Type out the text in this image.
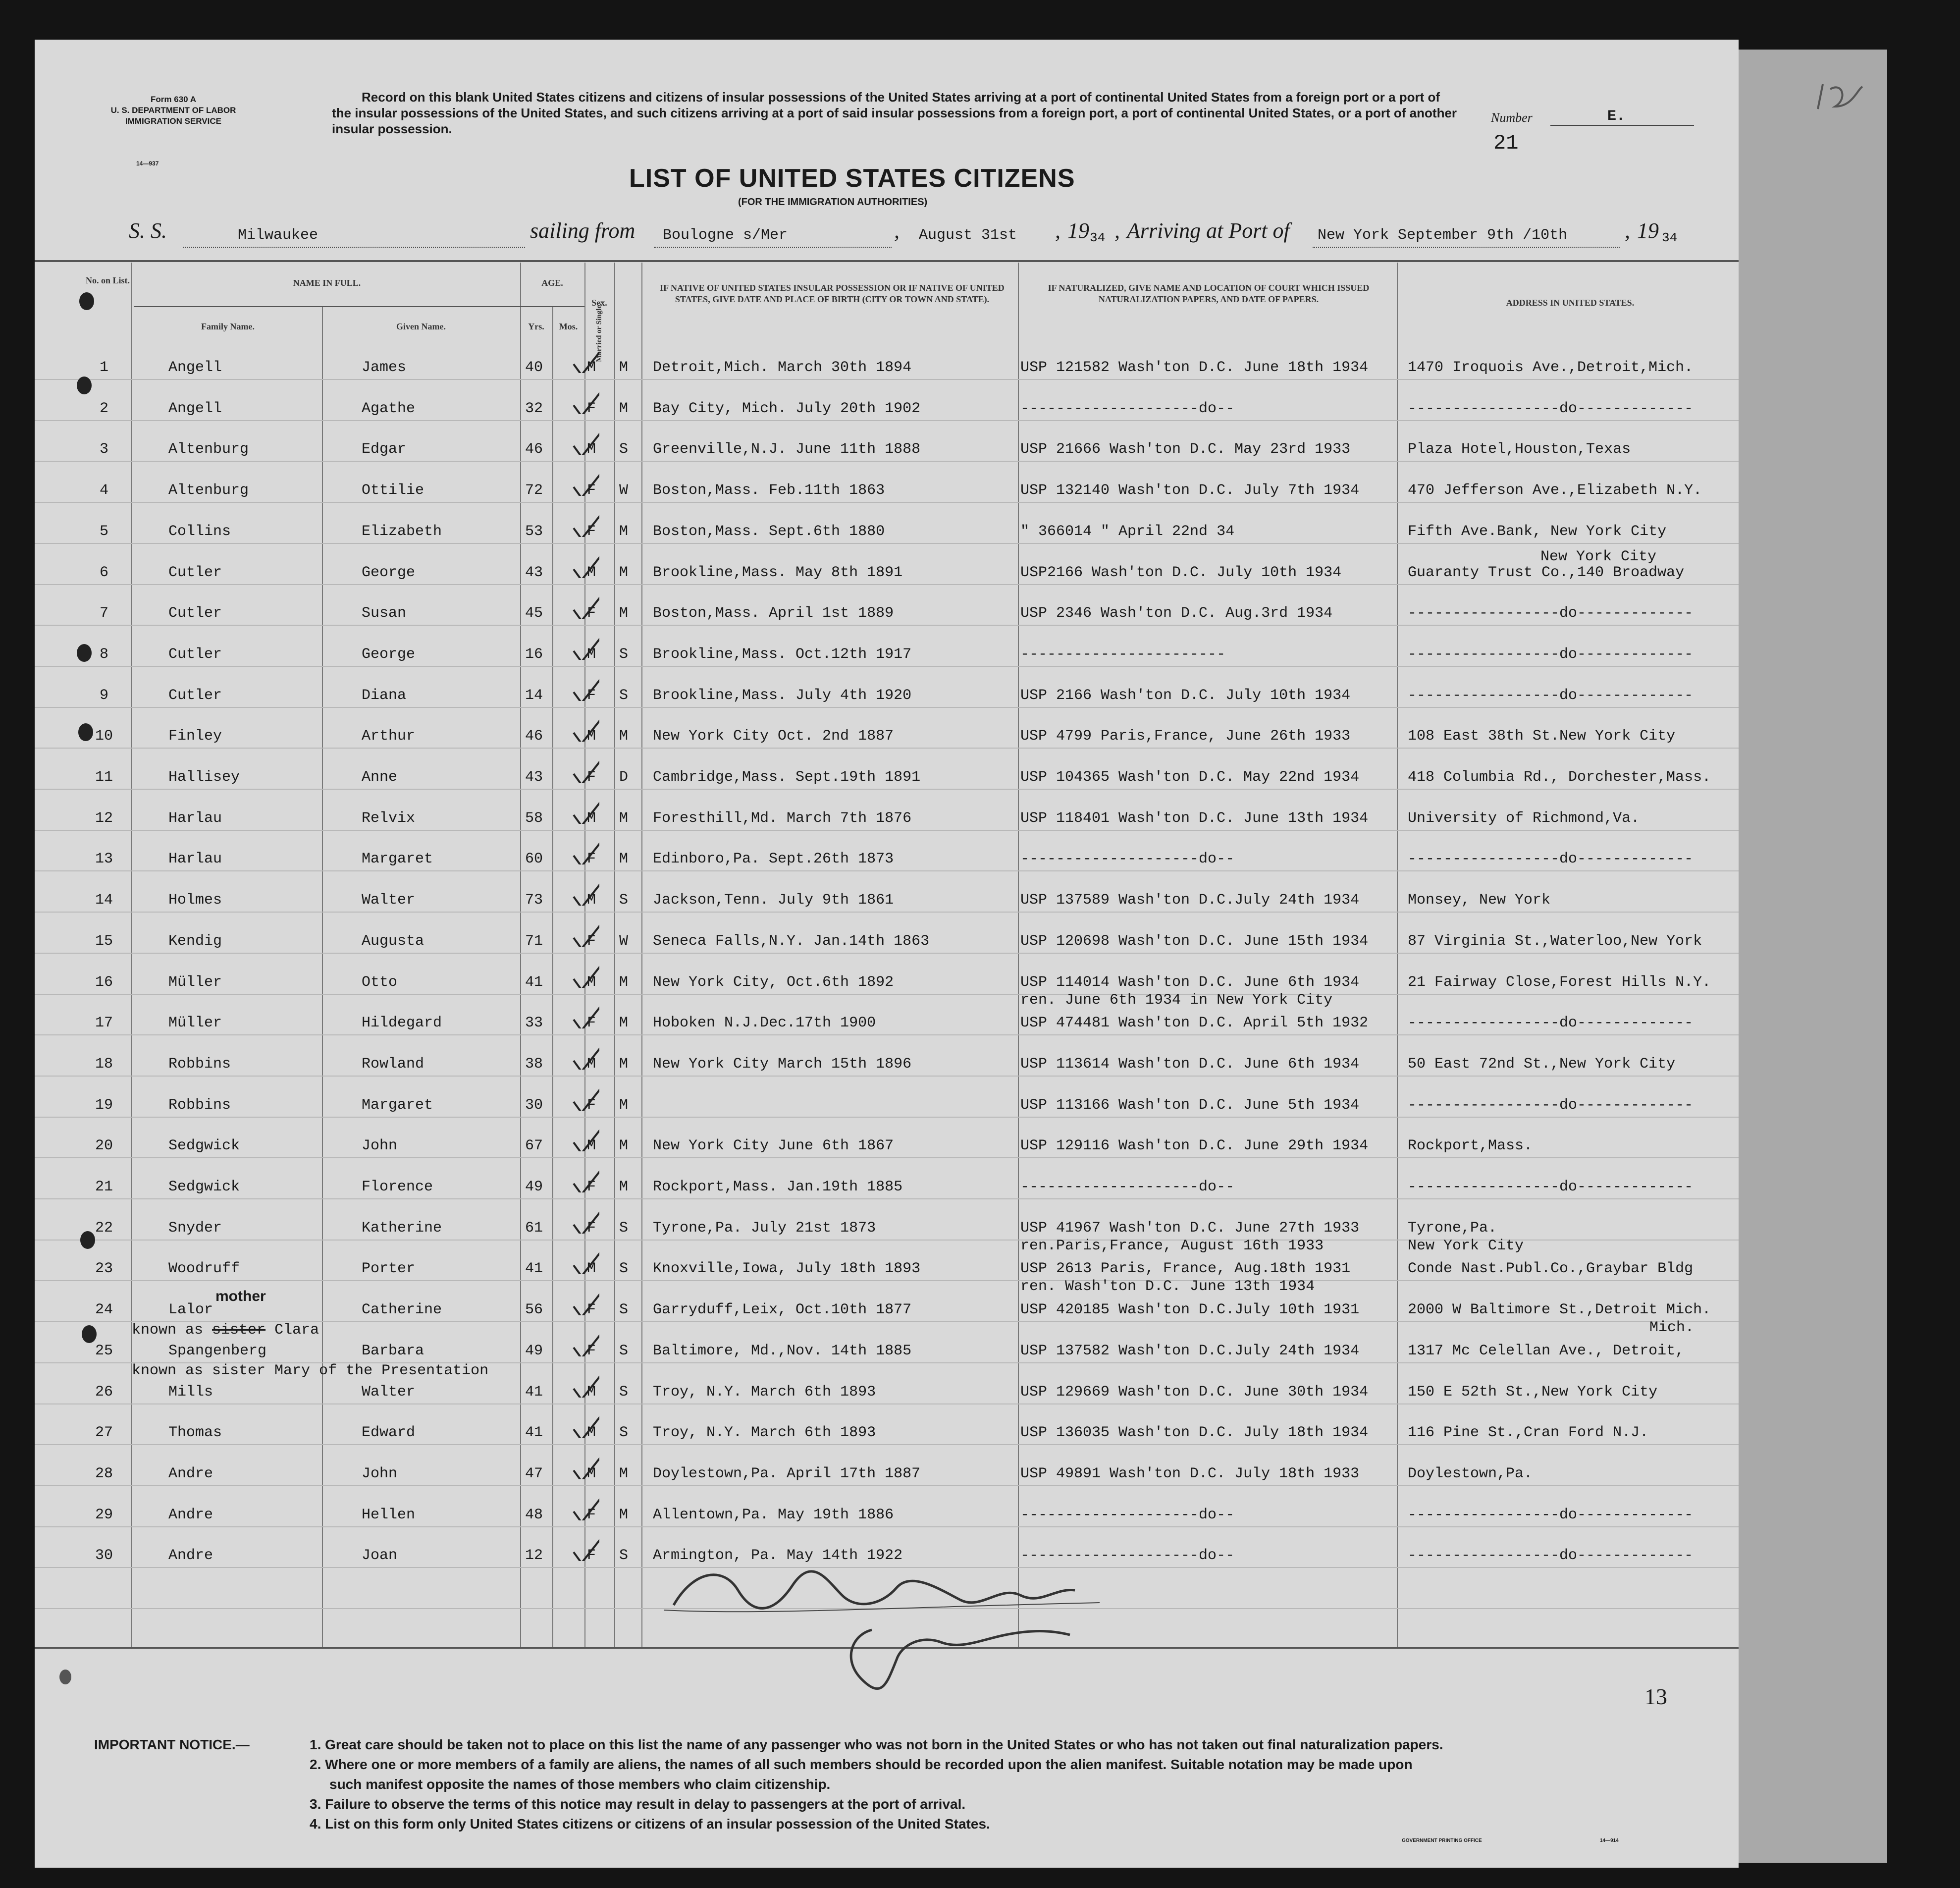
Form 630 A
U. S. DEPARTMENT OF LABOR
IMMIGRATION SERVICE
14—937
Record on this blank United States citizens and citizens of insular possessions of the United States arriving at a port of continental United States from a foreign port or a port of the insular possessions of the United States, and such citizens arriving at a port of said insular possessions from a foreign port, a port of continental United States, or a port of another insular possession.
LIST OF UNITED STATES CITIZENS
(FOR THE IMMIGRATION AUTHORITIES)
Number	E.
21
S. S.	Milwaukee	sailing from Boulogne s/Mer	, August 31st , 19 34 , Arriving at Port of New York September 9th /10th	, 19 34
No. on List.	NAME IN FULL.
Family Name.	Given Name.
AGE.
Yrs.	Mos.
Sex.
Married or Single.
IF NATIVE OF UNITED STATES INSULAR POSSESSION OR IF NATIVE OF UNITED STATES, GIVE DATE AND PLACE OF BIRTH (CITY OR TOWN AND STATE).
IF NATURALIZED, GIVE NAME AND LOCATION OF COURT WHICH ISSUED NATURALIZATION PAPERS, AND DATE OF PAPERS.	ADDRESS IN UNITED STATES.
1	Angell	James	40	M M Detroit,Mich. March 30th 1894	USP 121582 Wash'ton D.C. June 18th 1934	1470 Iroquois Ave.,Detroit,Mich.
2	Angell	Agathe	32	F M Bay City, Mich. July 20th 1902	--------------------do--	-----------------do-------------
3	Altenburg	Edgar	46	M S Greenville,N.J. June 11th 1888	USP 21666 Wash'ton D.C. May 23rd 1933	Plaza Hotel,Houston,Texas
4	Altenburg	Ottilie	72	F W Boston,Mass. Feb.11th 1863	USP 132140 Wash'ton D.C. July 7th 1934	470 Jefferson Ave.,Elizabeth N.Y.
5	Collins	Elizabeth	53	F M Boston,Mass. Sept.6th 1880	" 366014 " April 22nd 34	Fifth Ave.Bank, New York City
6	Cutler	George	43	M M Brookline,Mass. May 8th 1891	USP2166 Wash'ton D.C. July 10th 1934	Guaranty Trust Co.,140 Broadway
New York City
7	Cutler	Susan	45	F M Boston,Mass. April 1st 1889	USP 2346 Wash'ton D.C. Aug.3rd 1934	-----------------do-------------
8	Cutler	George	16	M S Brookline,Mass. Oct.12th 1917	-----------------------	-----------------do-------------
9	Cutler	Diana	14	F S Brookline,Mass. July 4th 1920	USP 2166 Wash'ton D.C. July 10th 1934	-----------------do-------------
10	Finley	Arthur	46	M M New York City Oct. 2nd 1887	USP 4799 Paris,France, June 26th 1933	108 East 38th St.New York City
11	Hallisey	Anne	43	F D Cambridge,Mass. Sept.19th 1891	USP 104365 Wash'ton D.C. May 22nd 1934	418 Columbia Rd., Dorchester,Mass.
12	Harlau	Relvix	58	M M Foresthill,Md. March 7th 1876	USP 118401 Wash'ton D.C. June 13th 1934	University of Richmond,Va.
13	Harlau	Margaret	60	F M Edinboro,Pa. Sept.26th 1873	--------------------do--	-----------------do-------------
14	Holmes	Walter	73	M S Jackson,Tenn. July 9th 1861	USP 137589 Wash'ton D.C.July 24th 1934	Monsey, New York
15	Kendig	Augusta	71	F W Seneca Falls,N.Y. Jan.14th 1863	USP 120698 Wash'ton D.C. June 15th 1934	87 Virginia St.,Waterloo,New York
16	Müller	Otto	41	M M New York City, Oct.6th 1892	USP 114014 Wash'ton D.C. June 6th 1934	21 Fairway Close,Forest Hills N.Y.
ren. June 6th 1934 in New York City
17	Müller	Hildegard	33	F M Hoboken N.J.Dec.17th 1900	USP 474481 Wash'ton D.C. April 5th 1932	-----------------do-------------
18	Robbins	Rowland	38	M M New York City March 15th 1896	USP 113614 Wash'ton D.C. June 6th 1934	50 East 72nd St.,New York City
19	Robbins	Margaret	30	F M	USP 113166 Wash'ton D.C. June 5th 1934	-----------------do-------------
20	Sedgwick	John	67	M M New York City June 6th 1867	USP 129116 Wash'ton D.C. June 29th 1934	Rockport,Mass.
21	Sedgwick	Florence	49	F M Rockport,Mass. Jan.19th 1885	--------------------do--	-----------------do-------------
22	Snyder	Katherine	61	F S Tyrone,Pa. July 21st 1873	USP 41967 Wash'ton D.C. June 27th 1933	Tyrone,Pa.
ren.Paris,France, August 16th 1933	New York City
23	Woodruff	Porter	41	M S Knoxville,Iowa, July 18th 1893	USP 2613 Paris, France, Aug.18th 1931	Conde Nast.Publ.Co.,Graybar Bldg
ren. Wash'ton D.C. June 13th 1934
24	Lalor	Catherine	56	F S Garryduff,Leix, Oct.10th 1877	USP 420185 Wash'ton D.C.July 10th 1931	2000 W Baltimore St.,Detroit Mich.
Mich.
25	Spangenberg	Barbara	49	F S Baltimore, Md.,Nov. 14th 1885	USP 137582 Wash'ton D.C.July 24th 1934	1317 Mc Celellan Ave., Detroit,
26	Mills	Walter	41	M S Troy, N.Y. March 6th 1893	USP 129669 Wash'ton D.C. June 30th 1934	150 E 52th St.,New York City
27	Thomas	Edward	41	M S Troy, N.Y. March 6th 1893	USP 136035 Wash'ton D.C. July 18th 1934	116 Pine St.,Cran Ford N.J.
28	Andre	John	47	M M Doylestown,Pa. April 17th 1887	USP 49891 Wash'ton D.C. July 18th 1933	Doylestown,Pa.
29	Andre	Hellen	48	F M Allentown,Pa. May 19th 1886	--------------------do--	-----------------do-------------
30	Andre	Joan	12	F S Armington, Pa. May 14th 1922	--------------------do--	-----------------do-------------
known as sister Clara
mother
known as sister Mary of the Presentation
13
IMPORTANT NOTICE.—	1. Great care should be taken not to place on this list the name of any passenger who was not born in the United States or who has not taken out final naturalization papers.
2. Where one or more members of a family are aliens, the names of all such members should be recorded upon the alien manifest. Suitable notation may be made upon
such manifest opposite the names of those members who claim citizenship.
3. Failure to observe the terms of this notice may result in delay to passengers at the port of arrival.
4. List on this form only United States citizens or citizens of an insular possession of the United States.
GOVERNMENT PRINTING OFFICE	14—914
